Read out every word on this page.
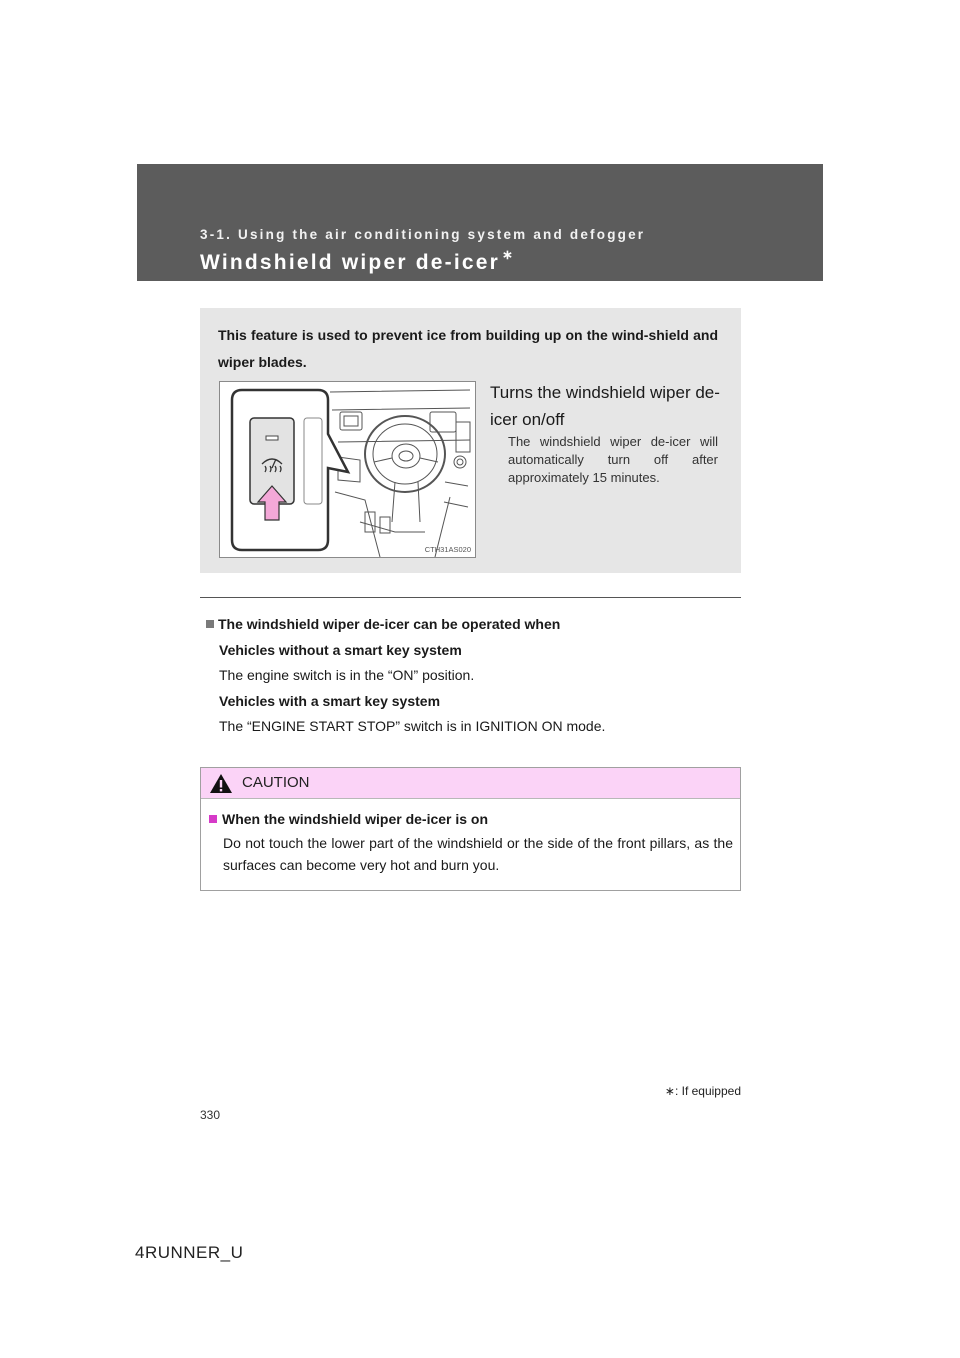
3-1. Using the air conditioning system and defogger
Windshield wiper de-icer ∗
This feature is used to prevent ice from building up on the wind-shield and wiper blades.
CTH31AS020
Turns the windshield wiper de-icer on/off
The windshield wiper de-icer will automatically turn off after approximately 15 minutes.
The windshield wiper de-icer can be operated when
Vehicles without a smart key system
The engine switch is in the “ON” position.
Vehicles with a smart key system
The “ENGINE START STOP” switch is in IGNITION ON mode.
CAUTION
When the windshield wiper de-icer is on
Do not touch the lower part of the windshield or the side of the front pillars, as the surfaces can become very hot and burn you.
∗: If equipped
330
4RUNNER_U
